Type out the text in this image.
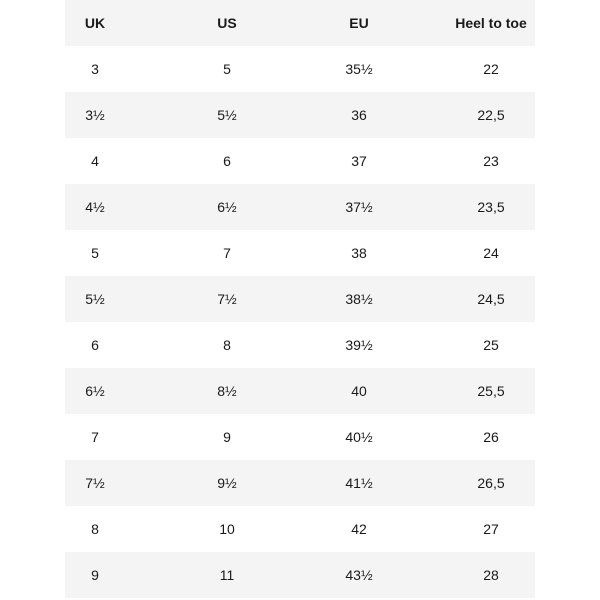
UK	US	EU	Heel to toe
3	5	35½	22
3½	5½	36	22,5
4	6	37	23
4½	6½	37½	23,5
5	7	38	24
5½	7½	38½	24,5
6	8	39½	25
6½	8½	40	25,5
7	9	40½	26
7½	9½	41½	26,5
8	10	42	27
9	11	43½	28
